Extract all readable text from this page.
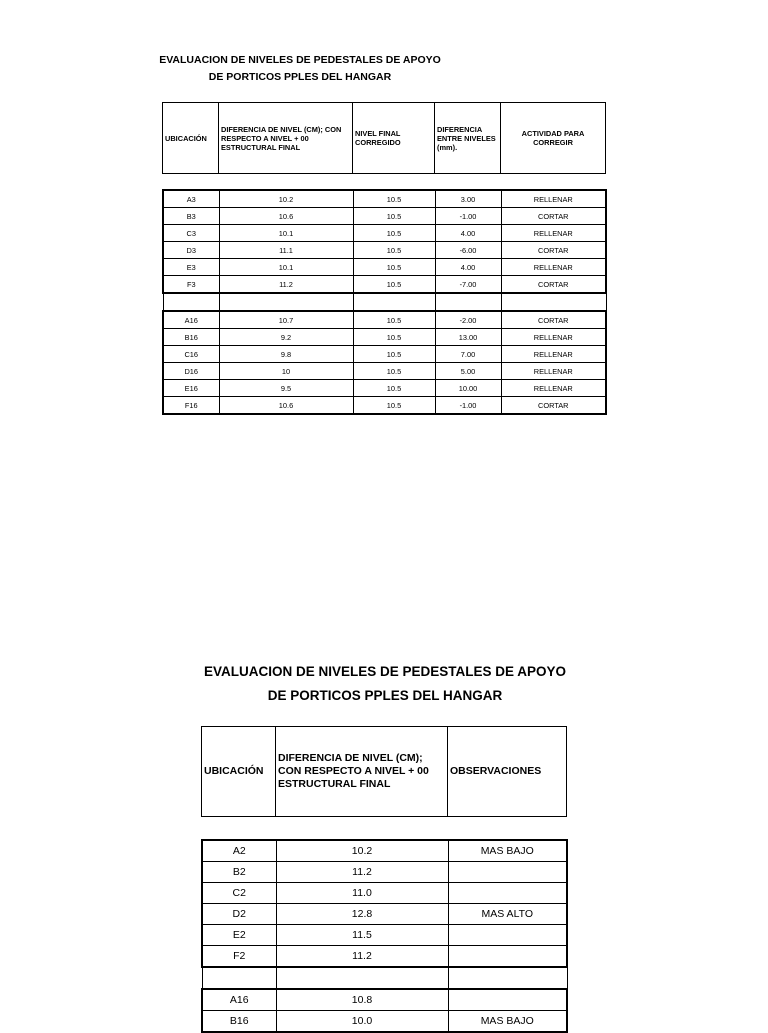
EVALUACION DE NIVELES DE PEDESTALES DE APOYO
DE PORTICOS PPLES DEL HANGAR
UBICACIÓN	DIFERENCIA DE NIVEL (CM); CON RESPECTO A NIVEL + 00 ESTRUCTURAL FINAL	NIVEL FINAL CORREGIDO	DIFERENCIA ENTRE NIVELES (mm).	ACTIVIDAD PARA CORREGIR
A3	10.2	10.5	3.00	RELLENAR
B3	10.6	10.5	-1.00	CORTAR
C3	10.1	10.5	4.00	RELLENAR
D3	11.1	10.5	-6.00	CORTAR
E3	10.1	10.5	4.00	RELLENAR
F3	11.2	10.5	-7.00	CORTAR

A16	10.7	10.5	-2.00	CORTAR
B16	9.2	10.5	13.00	RELLENAR
C16	9.8	10.5	7.00	RELLENAR
D16	10	10.5	5.00	RELLENAR
E16	9.5	10.5	10.00	RELLENAR
F16	10.6	10.5	-1.00	CORTAR
EVALUACION DE NIVELES DE PEDESTALES DE APOYO
DE PORTICOS PPLES DEL HANGAR
UBICACIÓN	DIFERENCIA DE NIVEL (CM); CON RESPECTO A NIVEL + 00 ESTRUCTURAL FINAL	OBSERVACIONES
A2	10.2	MAS BAJO
B2	11.2	
C2	11.0	
D2	12.8	MAS ALTO
E2	11.5	
F2	11.2	

A16	10.8	
B16	10.0	MAS BAJO
